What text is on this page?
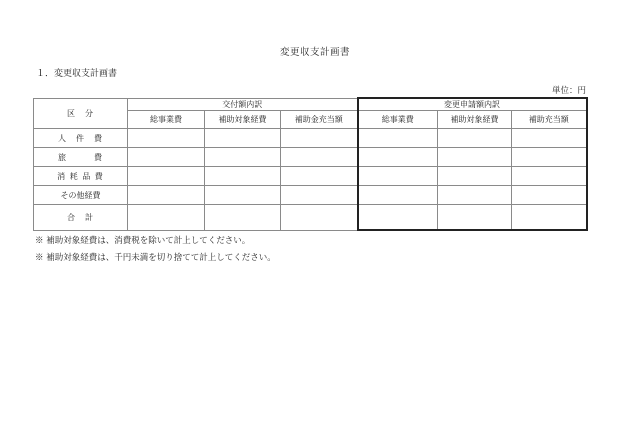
変更収支計画書
１．変更収支計画書
単位：円
区　分	交付額内訳			変更申請額内訳		
	総事業費	補助対象経費	補助金充当額	総事業費	補助対象経費	補助充当額
人　件　費						
旅　　　費						
消 耗 品 費						
その他経費						
合　計						
※ 補助対象経費は、消費税を除いて計上してください。
※ 補助対象経費は、千円未満を切り捨てて計上してください。
